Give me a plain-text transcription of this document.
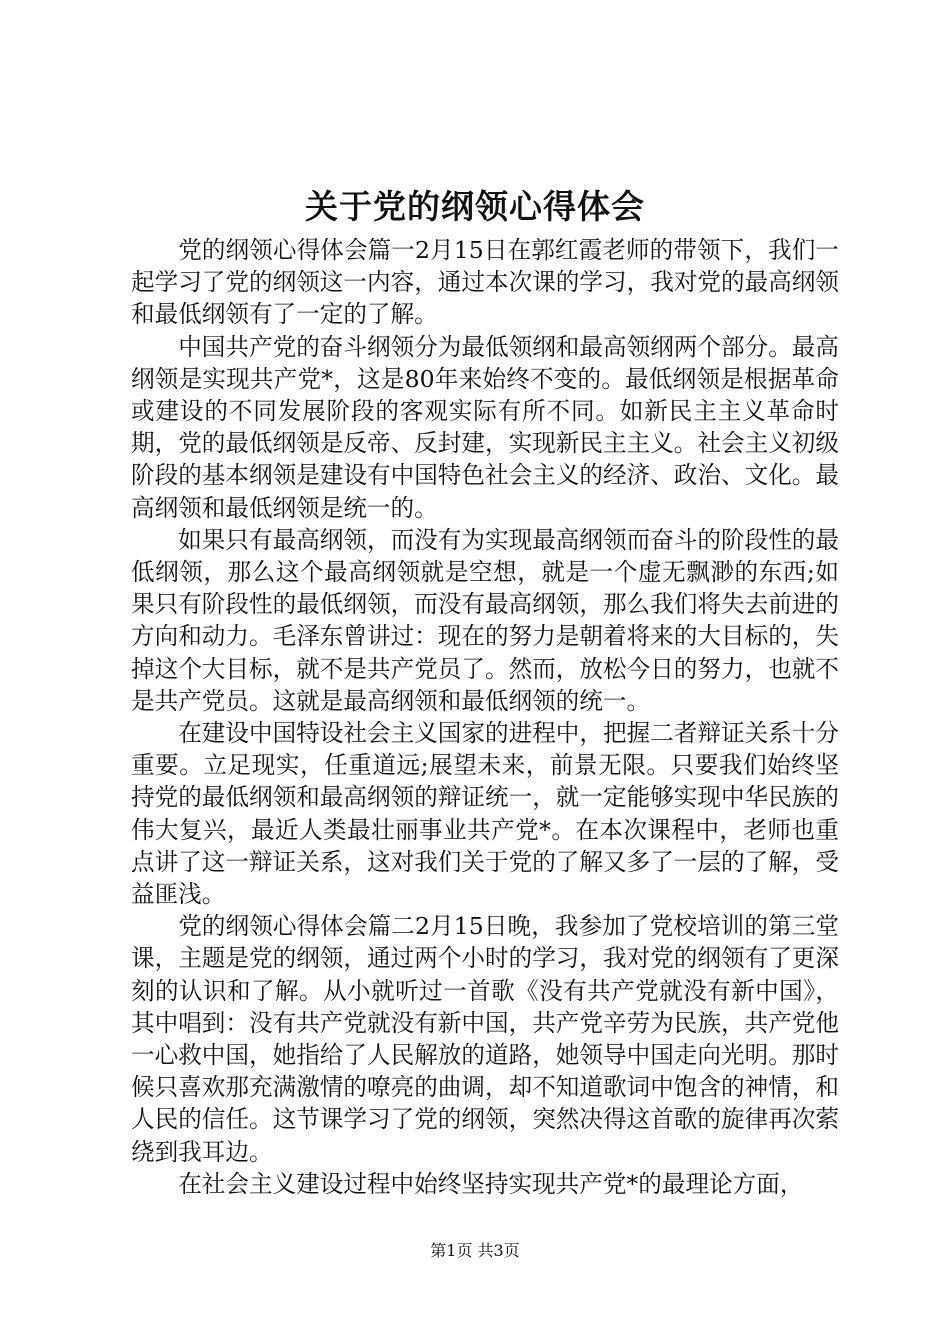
关于党的纲领心得体会

党的纲领心得体会篇一2月15日在郭红霞老师的带领下，我们一起学习了党的纲领这一内容，通过本次课的学习，我对党的最高纲领和最低纲领有了一定的了解。

中国共产党的奋斗纲领分为最低领纲和最高领纲两个部分。最高纲领是实现共产党*，这是80年来始终不变的。最低纲领是根据革命或建设的不同发展阶段的客观实际有所不同。如新民主主义革命时期，党的最低纲领是反帝、反封建，实现新民主主义。社会主义初级阶段的基本纲领是建设有中国特色社会主义的经济、政治、文化。最高纲领和最低纲领是统一的。

如果只有最高纲领，而没有为实现最高纲领而奋斗的阶段性的最低纲领，那么这个最高纲领就是空想，就是一个虚无飘渺的东西;如果只有阶段性的最低纲领，而没有最高纲领，那么我们将失去前进的方向和动力。毛泽东曾讲过：现在的努力是朝着将来的大目标的，失掉这个大目标，就不是共产党员了。然而，放松今日的努力，也就不是共产党员。这就是最高纲领和最低纲领的统一。

在建设中国特设社会主义国家的进程中，把握二者辩证关系十分重要。立足现实，任重道远;展望未来，前景无限。只要我们始终坚持党的最低纲领和最高纲领的辩证统一，就一定能够实现中华民族的伟大复兴，最近人类最壮丽事业共产党*。在本次课程中，老师也重点讲了这一辩证关系，这对我们关于党的了解又多了一层的了解，受益匪浅。

党的纲领心得体会篇二2月15日晚，我参加了党校培训的第三堂课，主题是党的纲领，通过两个小时的学习，我对党的纲领有了更深刻的认识和了解。从小就听过一首歌《没有共产党就没有新中国》，其中唱到：没有共产党就没有新中国，共产党辛劳为民族，共产党他一心救中国，她指给了人民解放的道路，她领导中国走向光明。那时候只喜欢那充满激情的嘹亮的曲调，却不知道歌词中饱含的神情，和人民的信任。这节课学习了党的纲领，突然决得这首歌的旋律再次萦绕到我耳边。

在社会主义建设过程中始终坚持实现共产党*的最理论方面，

第1页 共3页
